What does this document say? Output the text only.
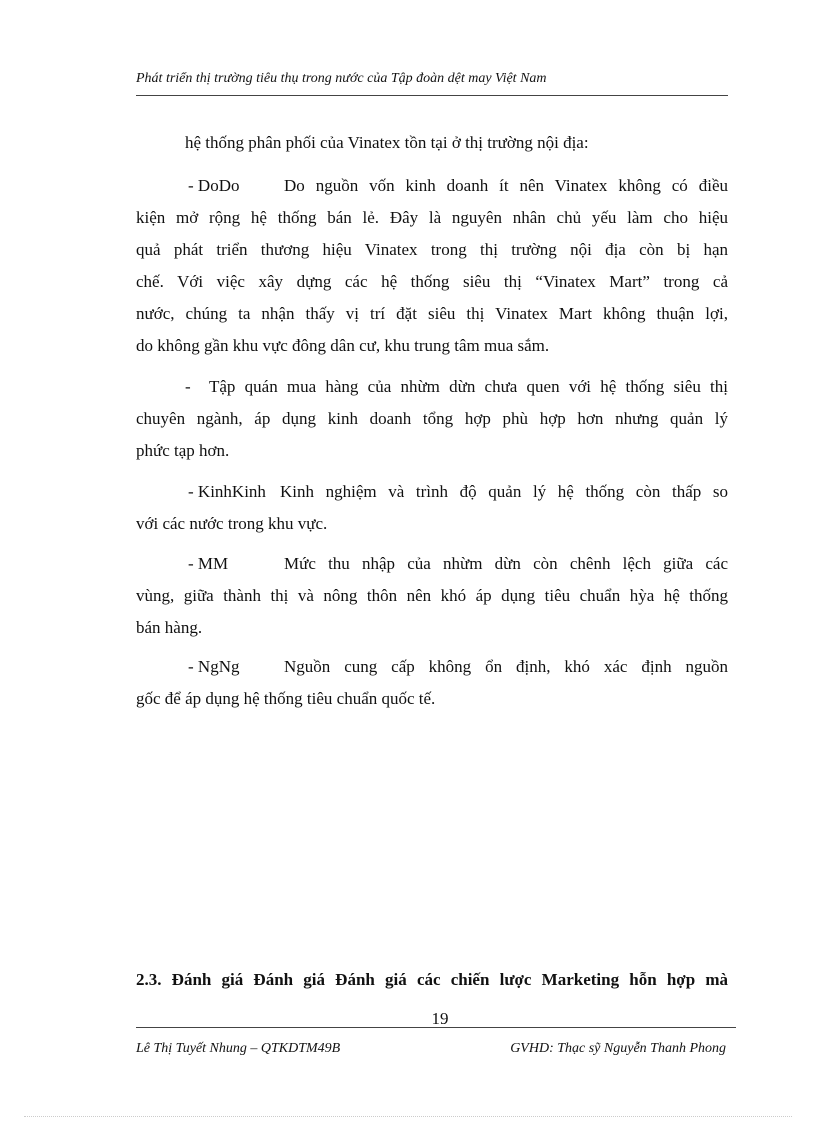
Phát triển thị trường tiêu thụ trong nước của Tập đoàn dệt may Việt Nam
hệ thống phân phối của Vinatex tồn tại ở thị trường nội địa:
- DoDo	Do nguồn vốn kinh doanh ít nên Vinatex không có điều
kiện mở rộng hệ thống bán lẻ. Đây là nguyên nhân chủ yếu làm cho hiệu
quả phát triển thương hiệu Vinatex trong thị trường nội địa còn bị hạn
chế. Với việc xây dựng các hệ thống siêu thị “Vinatex Mart” trong cả
nước, chúng ta nhận thấy vị trí đặt siêu thị Vinatex Mart không thuận lợi,
do không gần khu vực đông dân cư, khu trung tâm mua sắm.
- Tập quán mua hàng của nhừm dừn chưa quen với hệ thống siêu thị
chuyên ngành, áp dụng kinh doanh tổng hợp phù hợp hơn nhưng quản lý
phức tạp hơn.
- KinhKinh Kinh nghiệm và trình độ quản lý hệ thống còn thấp so
với các nước trong khu vực.
- MM	Mức thu nhập của nhừm dừn còn chênh lệch giữa các
vùng, giữa thành thị và nông thôn nên khó áp dụng tiêu chuẩn hỳa hệ thống
bán hàng.
- NgNg	Nguồn cung cấp không ổn định, khó xác định nguồn
gốc để áp dụng hệ thống tiêu chuẩn quốc tế.
2.3. Đánh giá Đánh giá Đánh giá các chiến lược Marketing hỗn hợp mà
19
Lê Thị Tuyết Nhung – QTKDTM49B	GVHD: Thạc sỹ Nguyễn Thanh Phong
